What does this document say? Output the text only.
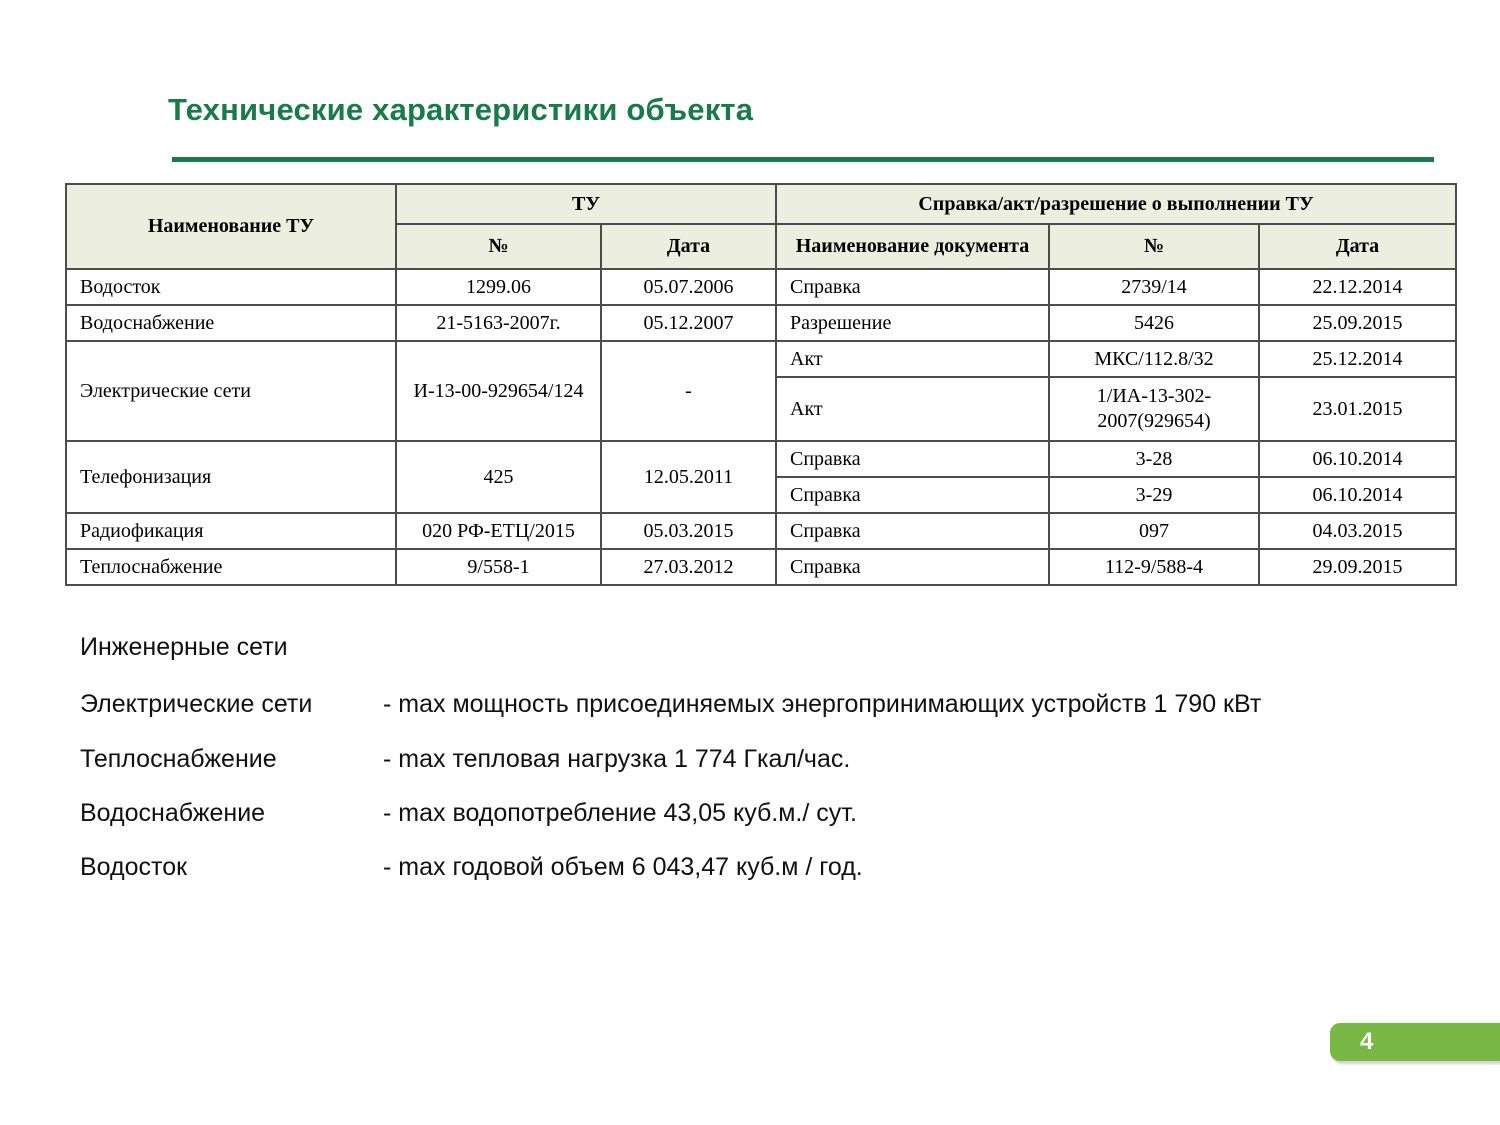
Технические характеристики объекта
Наименование ТУ	ТУ		Справка/акт/разрешение о выполнении ТУ		
	№	Дата	Наименование документа	№	Дата
Водосток	1299.06	05.07.2006	Справка	2739/14	22.12.2014
Водоснабжение	21-5163-2007г.	05.12.2007	Разрешение	5426	25.09.2015
Электрические сети	И-13-00-929654/124	-	Акт	МКС/112.8/32	25.12.2014
			Акт	1/ИА-13-302-2007(929654)	23.01.2015
Телефонизация	425	12.05.2011	Справка	3-28	06.10.2014
			Справка	3-29	06.10.2014
Радиофикация	020 РФ-ЕТЦ/2015	05.03.2015	Справка	097	04.03.2015
Теплоснабжение	9/558-1	27.03.2012	Справка	112-9/588-4	29.09.2015
Инженерные сети
Электрические сети	- max мощность присоединяемых энергопринимающих устройств 1 790 кВт
Теплоснабжение	- max тепловая нагрузка 1 774 Гкал/час.
Водоснабжение	- max водопотребление 43,05 куб.м./ сут.
Водосток	- max годовой объем 6 043,47 куб.м / год.
4
